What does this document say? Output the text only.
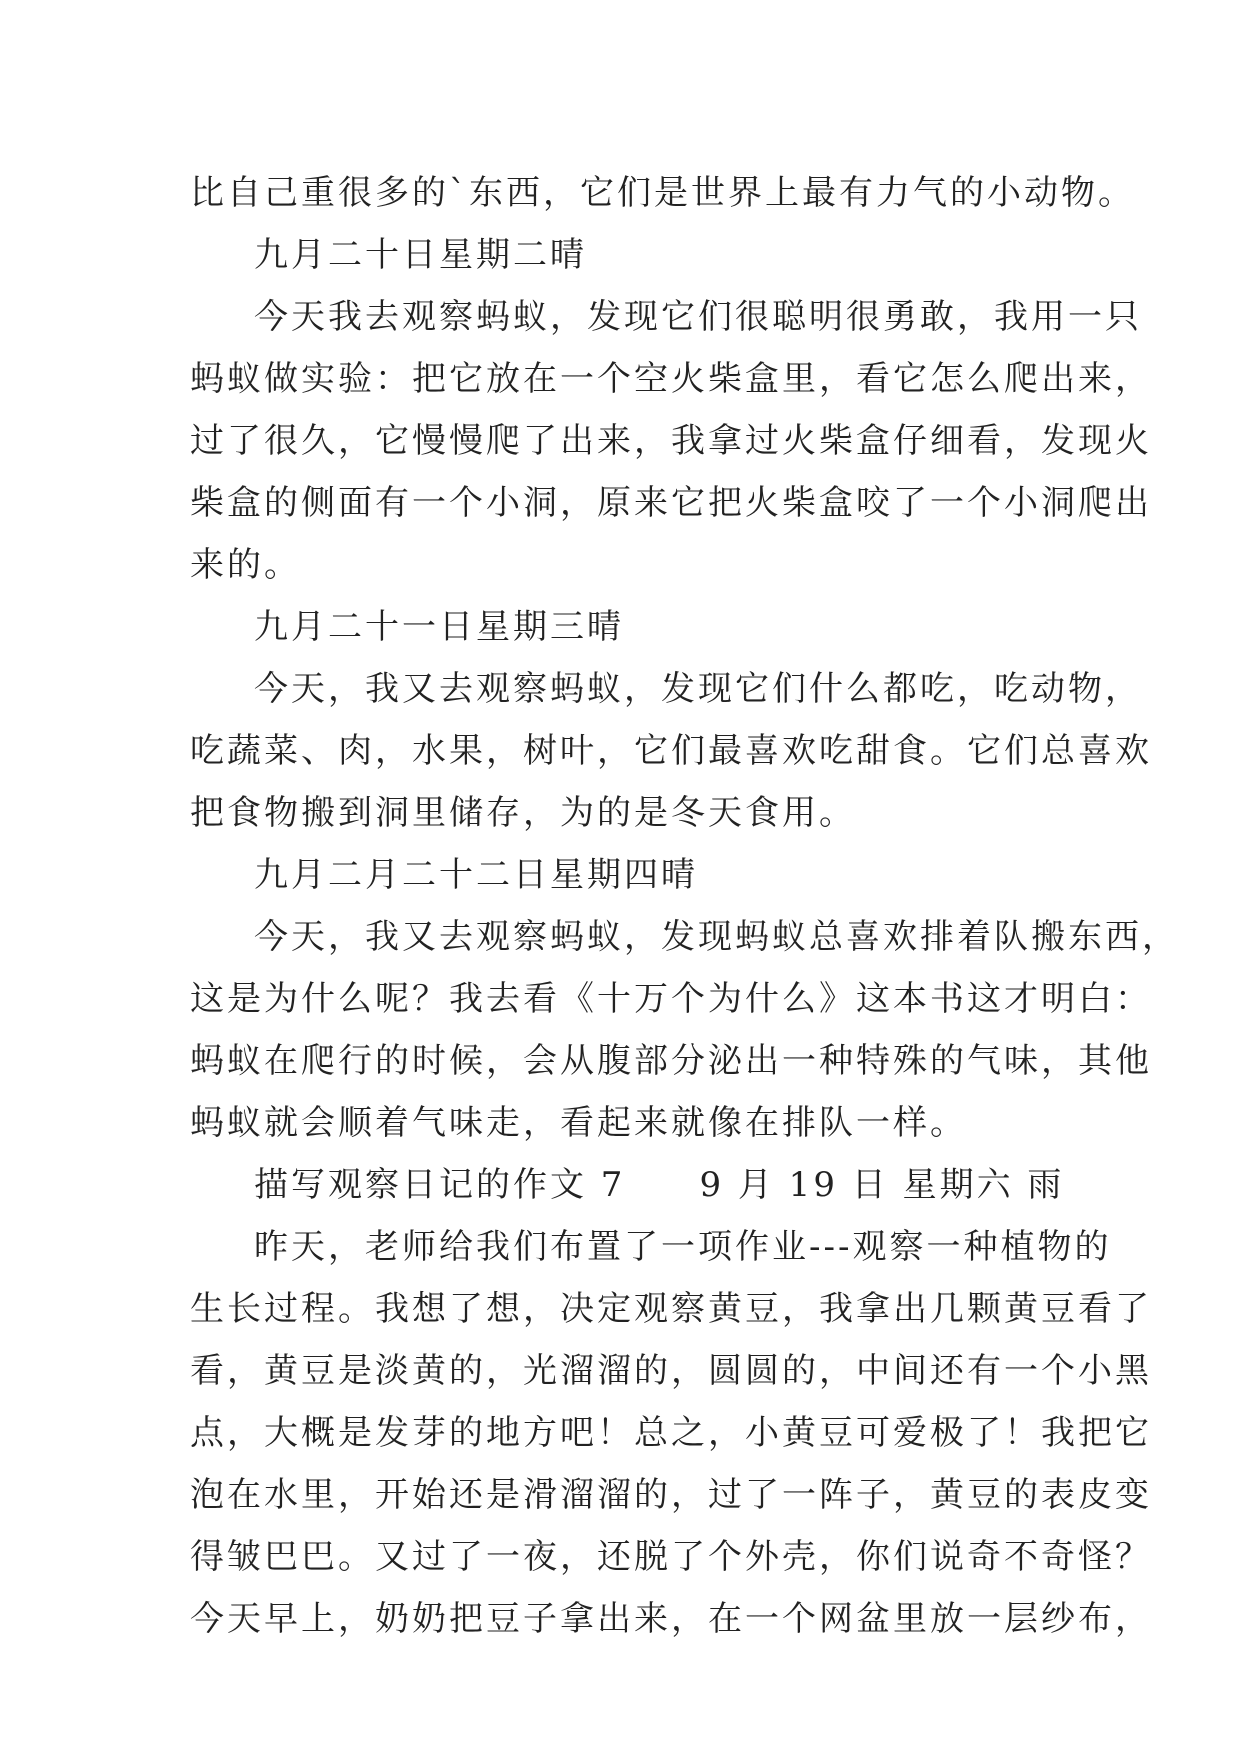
比自己重很多的`东西，它们是世界上最有力气的小动物。
九月二十日星期二晴
今天我去观察蚂蚁，发现它们很聪明很勇敢，我用一只
蚂蚁做实验：把它放在一个空火柴盒里，看它怎么爬出来，
过了很久，它慢慢爬了出来，我拿过火柴盒仔细看，发现火
柴盒的侧面有一个小洞，原来它把火柴盒咬了一个小洞爬出
来的。
九月二十一日星期三晴
今天，我又去观察蚂蚁，发现它们什么都吃，吃动物，
吃蔬菜、肉，水果，树叶，它们最喜欢吃甜食。它们总喜欢
把食物搬到洞里储存，为的是冬天食用。
九月二月二十二日星期四晴
今天，我又去观察蚂蚁，发现蚂蚁总喜欢排着队搬东西，
这是为什么呢？我去看《十万个为什么》这本书这才明白：
蚂蚁在爬行的时候，会从腹部分泌出一种特殊的气味，其他
蚂蚁就会顺着气味走，看起来就像在排队一样。
描写观察日记的作文 7　　9 月 19 日 星期六 雨
昨天，老师给我们布置了一项作业---观察一种植物的
生长过程。我想了想，决定观察黄豆，我拿出几颗黄豆看了
看，黄豆是淡黄的，光溜溜的，圆圆的，中间还有一个小黑
点，大概是发芽的地方吧！总之，小黄豆可爱极了！我把它
泡在水里，开始还是滑溜溜的，过了一阵子，黄豆的表皮变
得皱巴巴。又过了一夜，还脱了个外壳，你们说奇不奇怪？
今天早上，奶奶把豆子拿出来，在一个网盆里放一层纱布，
